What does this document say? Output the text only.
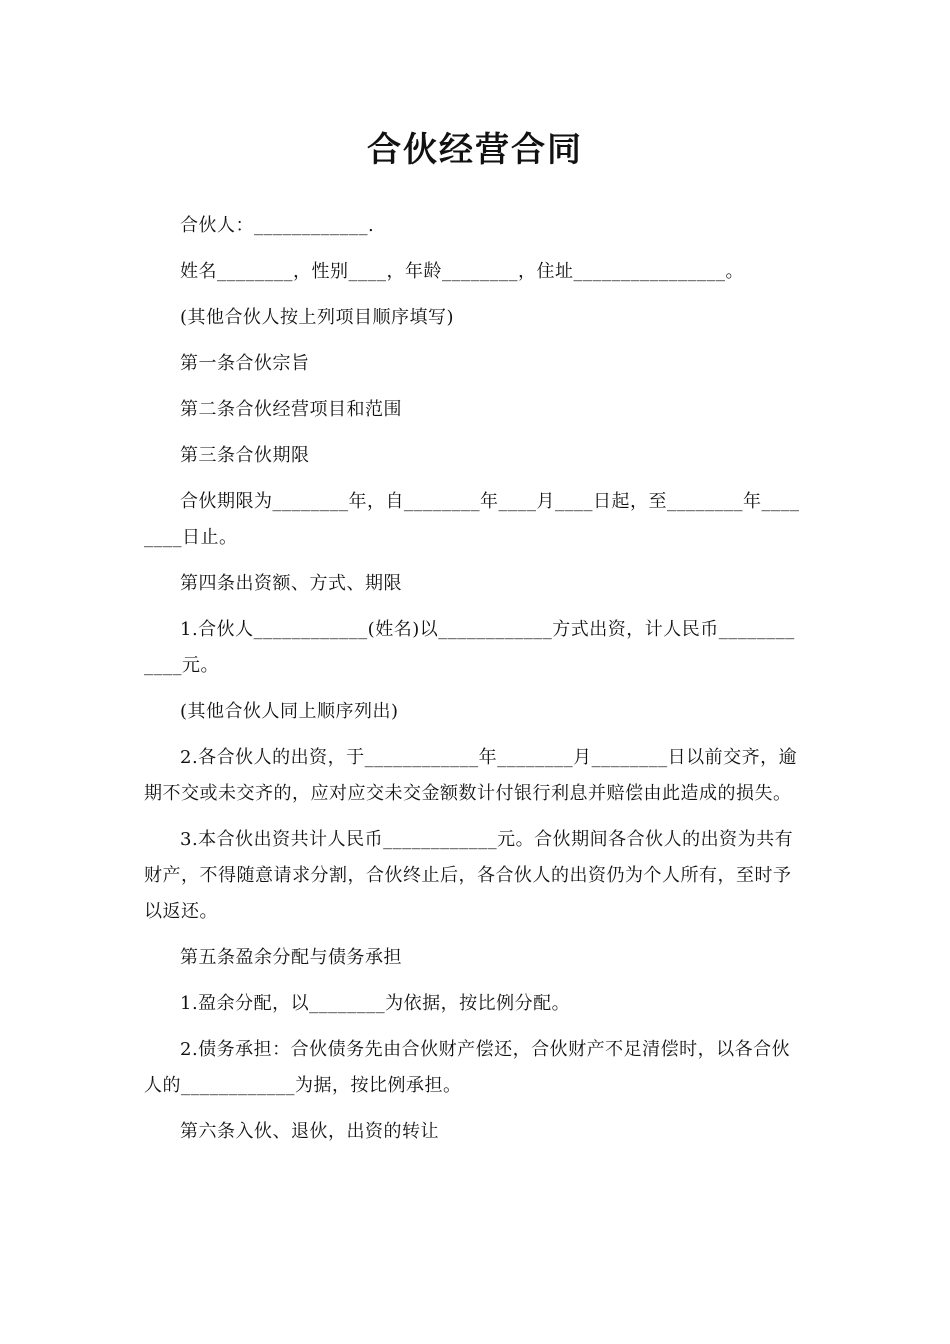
合伙经营合同

合伙人：____________.

姓名________，性别____，年龄________，住址________________。

(其他合伙人按上列项目顺序填写)

第一条合伙宗旨

第二条合伙经营项目和范围

第三条合伙期限

合伙期限为________年，自________年____月____日起，至________年________日止。

第四条出资额、方式、期限

1.合伙人____________(姓名)以____________方式出资，计人民币____________元。

(其他合伙人同上顺序列出)

2.各合伙人的出资，于____________年________月________日以前交齐，逾期不交或未交齐的，应对应交未交金额数计付银行利息并赔偿由此造成的损失。

3.本合伙出资共计人民币____________元。合伙期间各合伙人的出资为共有财产，不得随意请求分割，合伙终止后，各合伙人的出资仍为个人所有，至时予以返还。

第五条盈余分配与债务承担

1.盈余分配，以________为依据，按比例分配。

2.债务承担：合伙债务先由合伙财产偿还，合伙财产不足清偿时，以各合伙人的____________为据，按比例承担。

第六条入伙、退伙，出资的转让
